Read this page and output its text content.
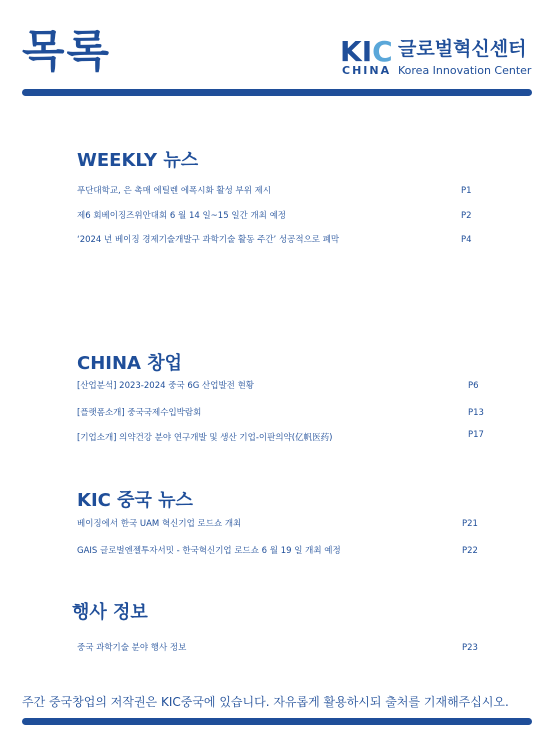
목록	KIC 글로벌혁신센터
CHINA Korea Innovation Center
WEEKLY 뉴스
푸단대학교, 은 촉매 에틸렌 에폭시화 활성 부위 제시	P1
제6 회베이징즈위안대회 6 월 14 일~15 일간 개최 예정	P2
‘2024 년 베이징 경제기술개발구 과학기술 활동 주간’ 성공적으로 폐막	P4
CHINA 창업
[산업분석] 2023-2024 중국 6G 산업발전 현황	P6
[플랫폼소개] 중국국제수입박람회	P13
[기업소개] 의약건강 분야 연구개발 및 생산 기업-이판의약(亿帆医药)	P17
KIC 중국 뉴스
베이징에서 한국 UAM 혁신기업 로드쇼 개최	P21
GAIS 글로벌엔젤투자서밋 - 한국혁신기업 로드쇼 6 월 19 일 개최 예정	P22
행사 정보
중국 과학기술 분야 행사 정보	P23
주간 중국창업의 저작권은 KIC중국에 있습니다. 자유롭게 활용하시되 출처를 기재해주십시오.
